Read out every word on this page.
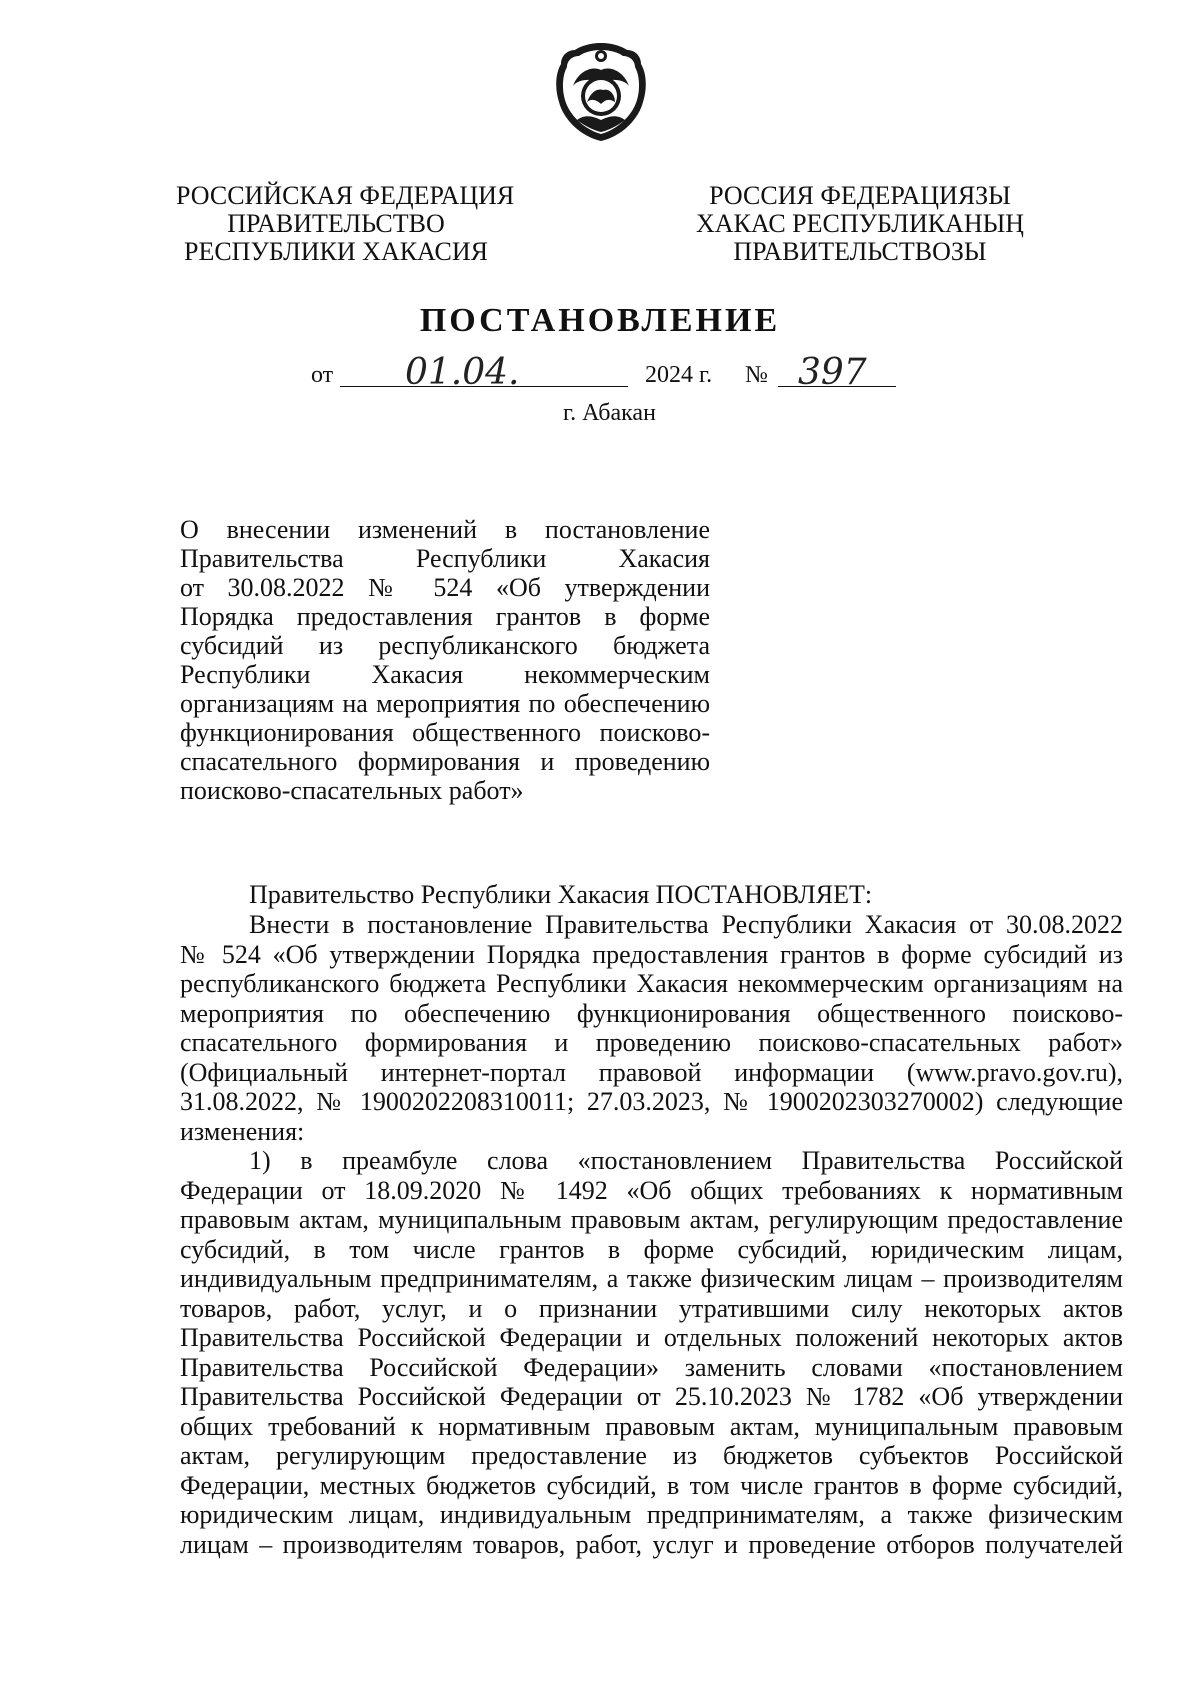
РОССИЙСКАЯ ФЕДЕРАЦИЯ
ПРАВИТЕЛЬСТВО
РЕСПУБЛИКИ ХАКАСИЯ
РОССИЯ ФЕДЕРАЦИЯЗЫ
ХАКАС РЕСПУБЛИКАНЫҢ
ПРАВИТЕЛЬСТВОЗЫ
ПОСТАНОВЛЕНИЕ
от 01.04.	2024 г. № 397
г. Абакан
О внесении изменений в постановление
Правительства Республики Хакасия
от 30.08.2022 № 524 «Об утверждении
Порядка предоставления грантов в форме
субсидий из республиканского бюджета
Республики Хакасия некоммерческим
организациям на мероприятия по обеспечению
функционирования общественного поисково-
спасательного формирования и проведению
поисково-спасательных работ»
Правительство Республики Хакасия ПОСТАНОВЛЯЕТ:
Внести в постановление Правительства Республики Хакасия от 30.08.2022
№ 524 «Об утверждении Порядка предоставления грантов в форме субсидий из
республиканского бюджета Республики Хакасия некоммерческим организациям на
мероприятия по обеспечению функционирования общественного поисково-
спасательного формирования и проведению поисково-спасательных работ»
(Официальный интернет-портал правовой информации (www.pravo.gov.ru),
31.08.2022, № 1900202208310011; 27.03.2023, № 1900202303270002) следующие
изменения:
1) в преамбуле слова «постановлением Правительства Российской
Федерации от 18.09.2020 № 1492 «Об общих требованиях к нормативным
правовым актам, муниципальным правовым актам, регулирующим предоставление
субсидий, в том числе грантов в форме субсидий, юридическим лицам,
индивидуальным предпринимателям, а также физическим лицам – производителям
товаров, работ, услуг, и о признании утратившими силу некоторых актов
Правительства Российской Федерации и отдельных положений некоторых актов
Правительства Российской Федерации» заменить словами «постановлением
Правительства Российской Федерации от 25.10.2023 № 1782 «Об утверждении
общих требований к нормативным правовым актам, муниципальным правовым
актам, регулирующим предоставление из бюджетов субъектов Российской
Федерации, местных бюджетов субсидий, в том числе грантов в форме субсидий,
юридическим лицам, индивидуальным предпринимателям, а также физическим
лицам – производителям товаров, работ, услуг и проведение отборов получателей
